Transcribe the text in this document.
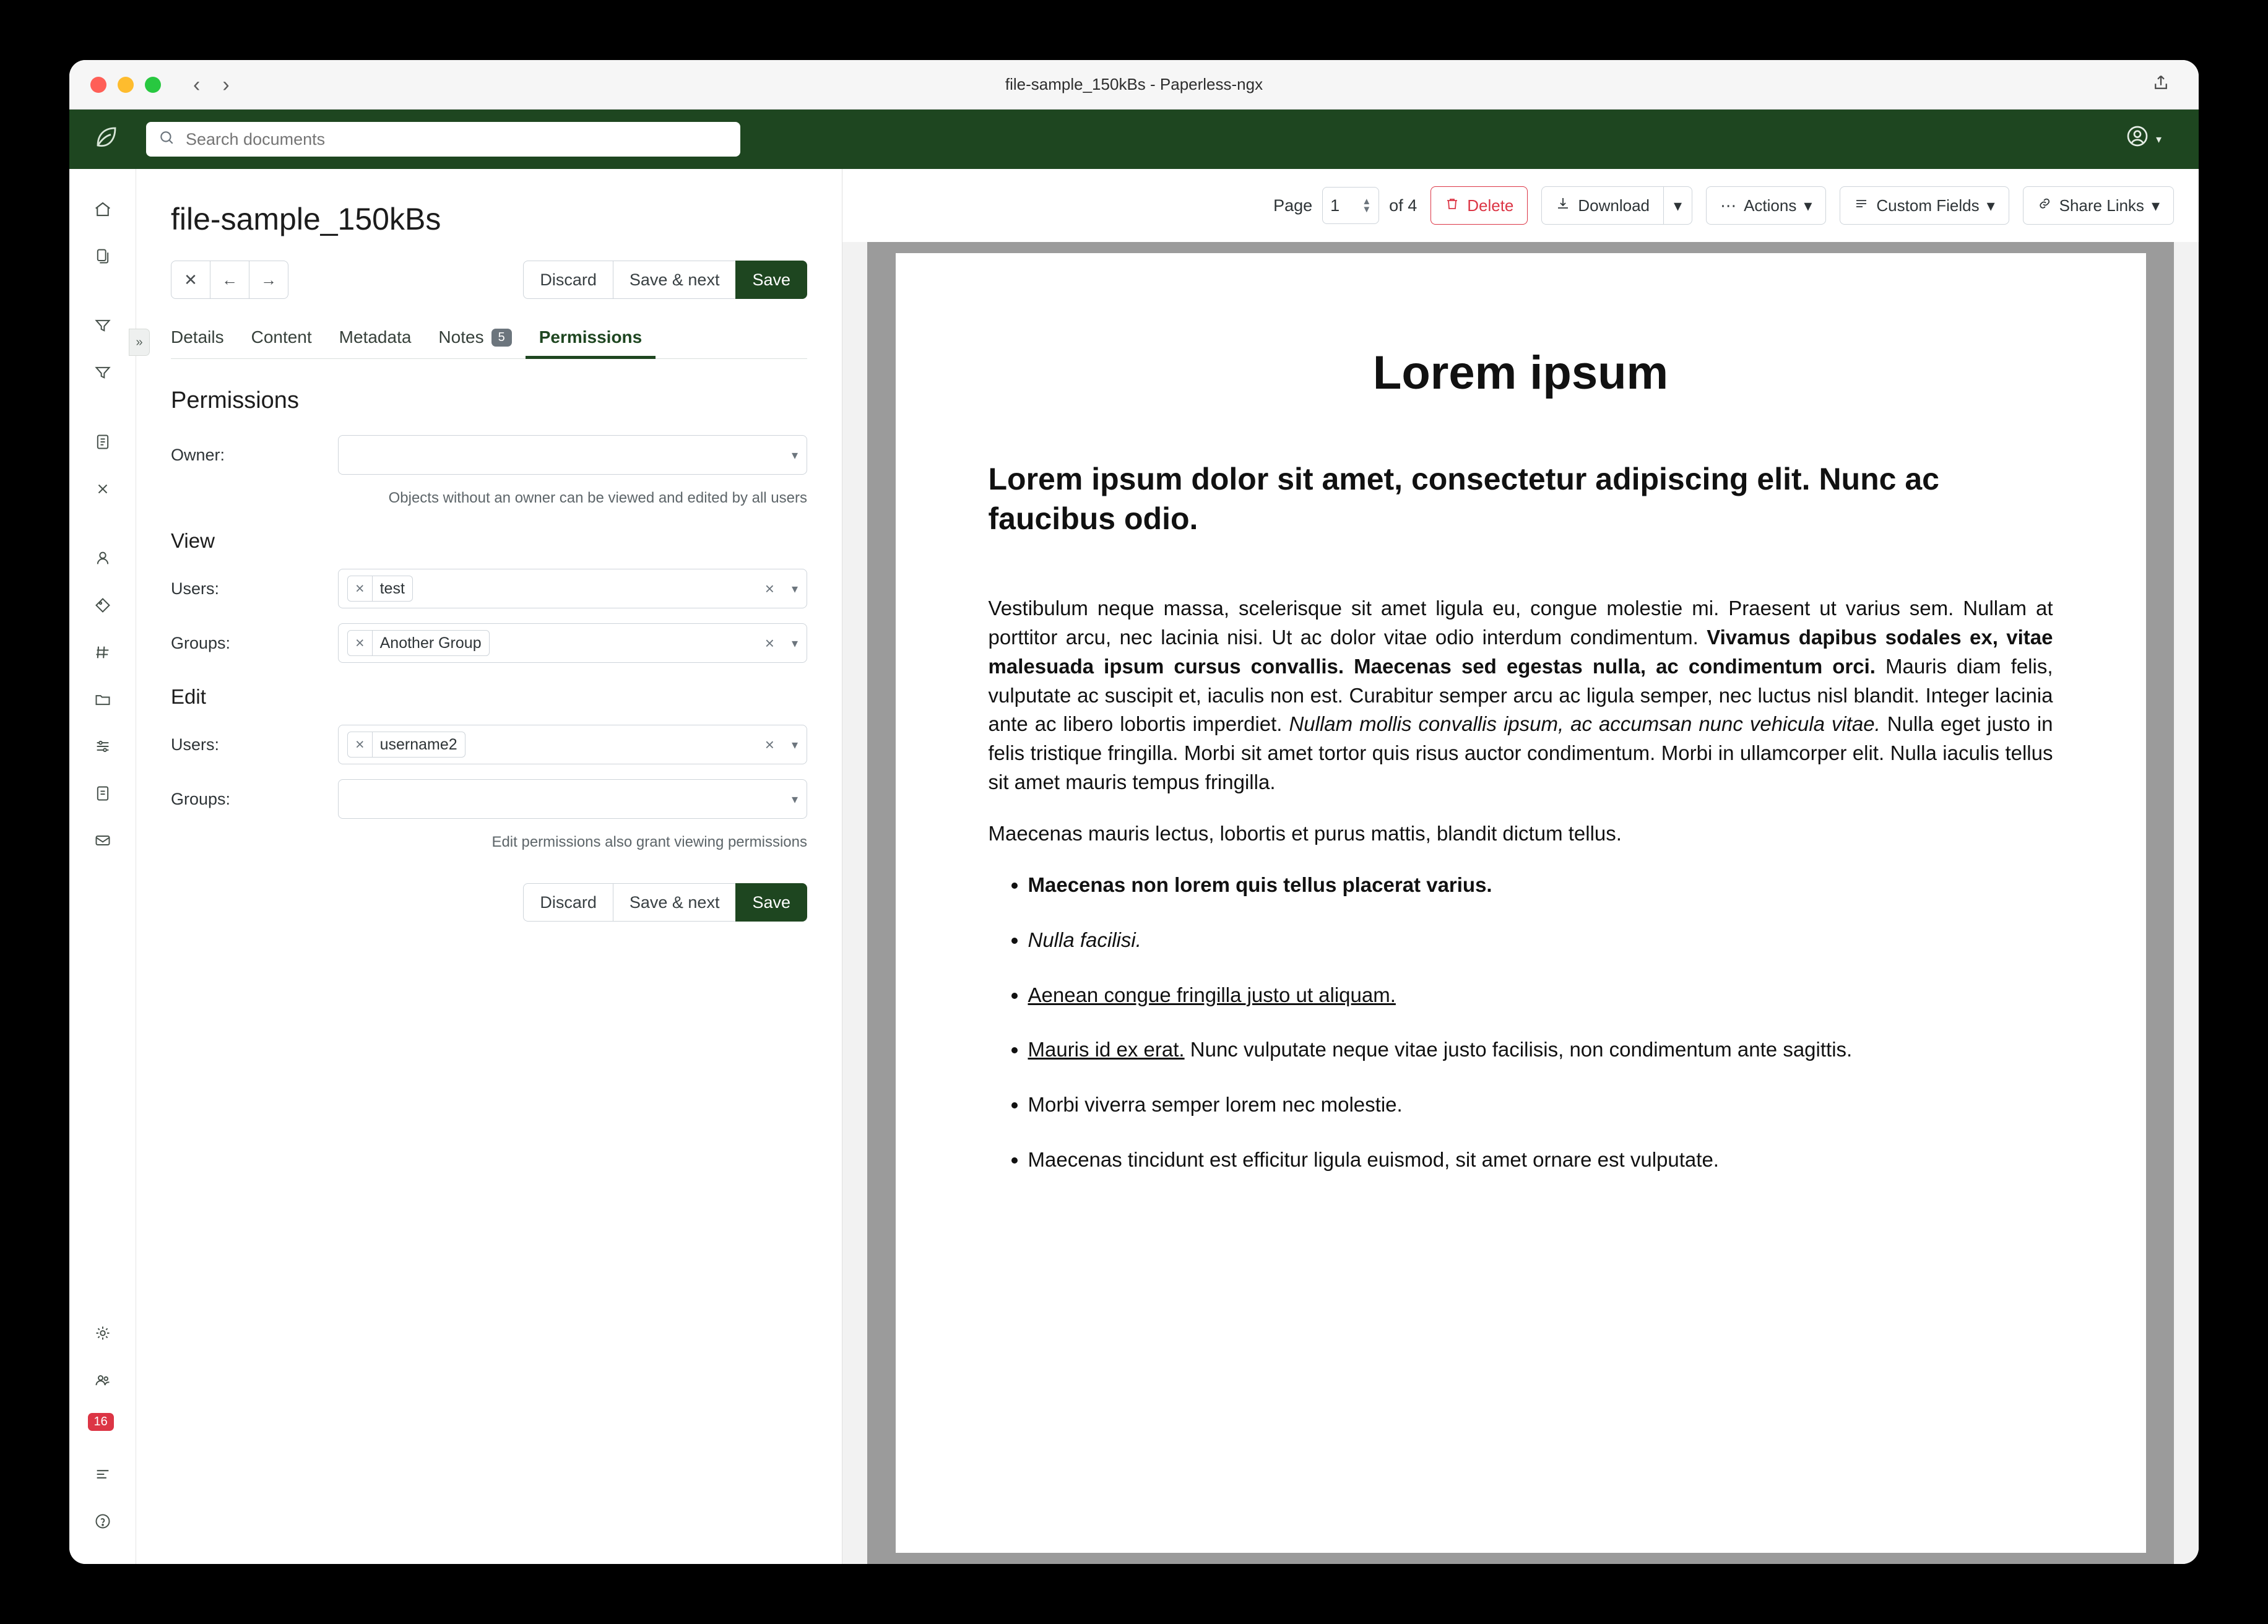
‹ ›	file-sample_150kBs - Paperless-ngx
Search documents
▾
»
16
file-sample_150kBs
✕	←	→	Discard	Save & next	Save
Details Content Metadata Notes	5	Permissions
Permissions
Owner:	▾
Objects without an owner can be viewed and edited by all users
View
Users:	×	test	× ▾
Groups:	×	Another Group	× ▾
Edit
Users:	×	username2	× ▾
Groups:	▾
Edit permissions also grant viewing permissions
Discard	Save & next	Save
Page 1 ▲
▼ of 4	Delete	Download	▾	⋯ Actions ▾	Custom Fields ▾	Share Links ▾
Lorem ipsum
Lorem ipsum dolor sit amet, consectetur adipiscing elit. Nunc ac faucibus odio.

Vestibulum neque massa, scelerisque sit amet ligula eu, congue molestie mi. Praesent ut varius sem. Nullam at porttitor arcu, nec lacinia nisi. Ut ac dolor vitae odio interdum condimentum. Vivamus dapibus sodales ex, vitae malesuada ipsum cursus convallis. Maecenas sed egestas nulla, ac condimentum orci. Mauris diam felis, vulputate ac suscipit et, iaculis non est. Curabitur semper arcu ac ligula semper, nec luctus nisl blandit. Integer lacinia ante ac libero lobortis imperdiet. Nullam mollis convallis ipsum, ac accumsan nunc vehicula vitae. Nulla eget justo in felis tristique fringilla. Morbi sit amet tortor quis risus auctor condimentum. Morbi in ullamcorper elit. Nulla iaculis tellus sit amet mauris tempus fringilla.

Maecenas mauris lectus, lobortis et purus mattis, blandit dictum tellus.

• Maecenas non lorem quis tellus placerat varius.
• Nulla facilisi.
• Aenean congue fringilla justo ut aliquam.
• Mauris id ex erat. Nunc vulputate neque vitae justo facilisis, non condimentum ante sagittis.
• Morbi viverra semper lorem nec molestie.
• Maecenas tincidunt est efficitur ligula euismod, sit amet ornare est vulputate.
